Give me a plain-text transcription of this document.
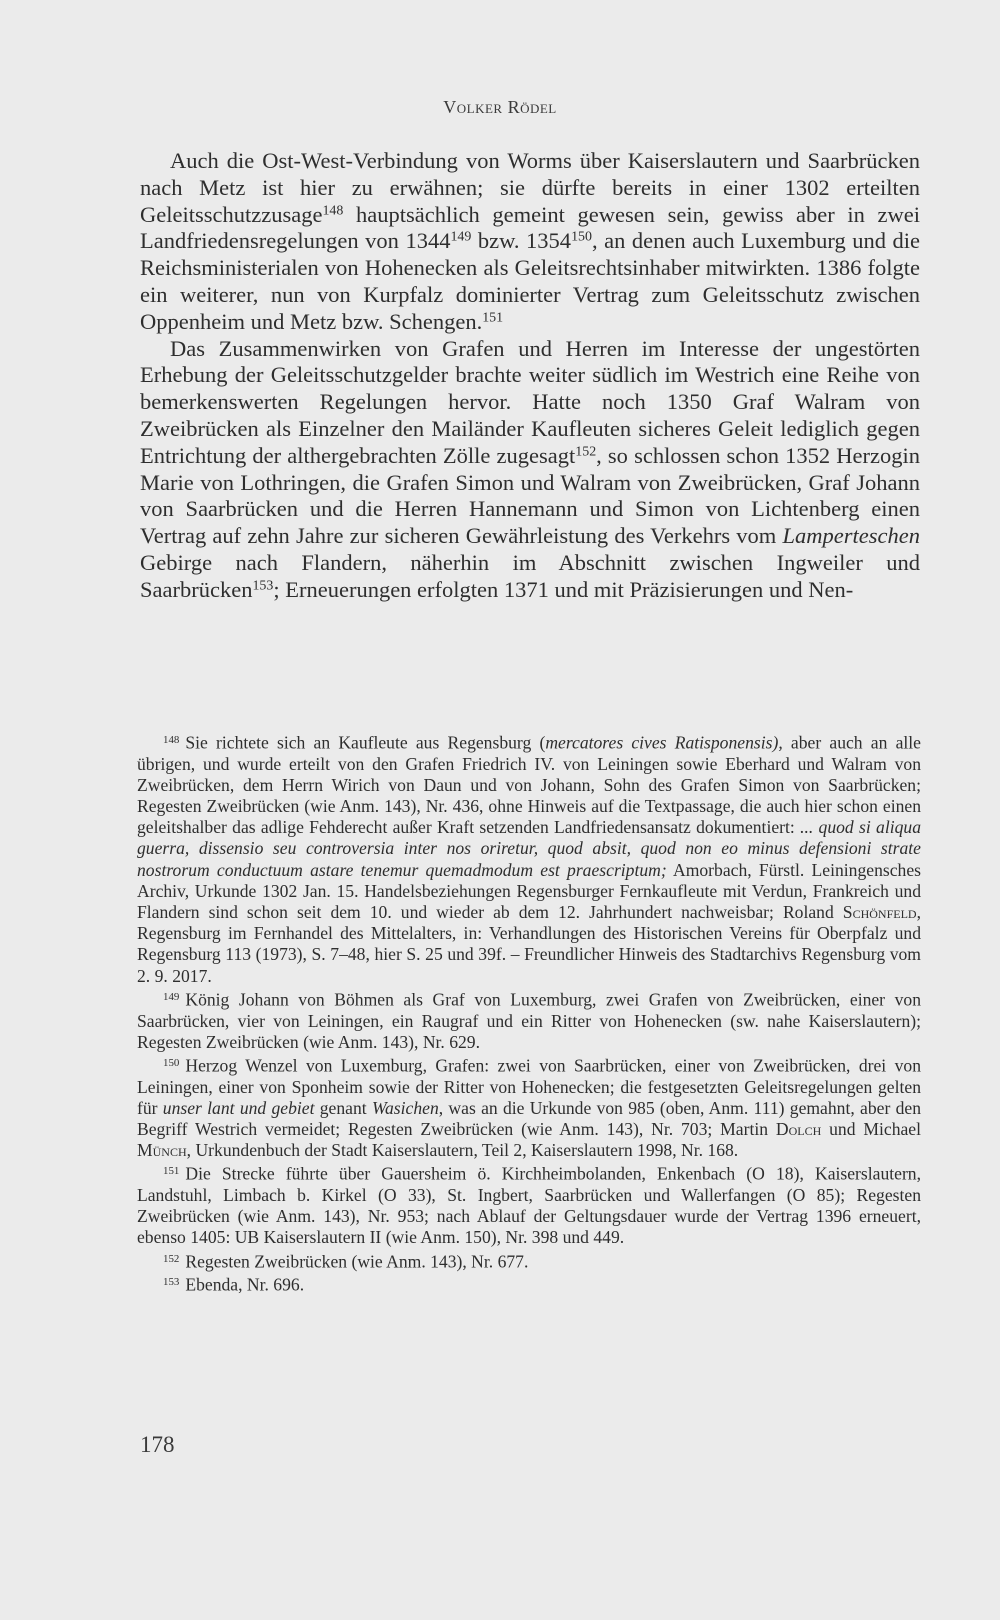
Volker Rödel

Auch die Ost-West-Verbindung von Worms über Kaiserslautern und Saarbrücken nach Metz ist hier zu erwähnen; sie dürfte bereits in einer 1302 erteilten Geleitsschutzzusage$^{148}$ hauptsächlich gemeint gewesen sein, gewiss aber in zwei Landfriedensregelungen von 1344$^{149}$ bzw. 1354$^{150}$, an denen auch Luxemburg und die Reichsministerialen von Hohenecken als Geleitsrechtsinhaber mitwirkten. 1386 folgte ein weiterer, nun von Kurpfalz dominierter Vertrag zum Geleitsschutz zwischen Oppenheim und Metz bzw. Schengen.$^{151}$

Das Zusammenwirken von Grafen und Herren im Interesse der ungestörten Erhebung der Geleitsschutzgelder brachte weiter südlich im Westrich eine Reihe von bemerkenswerten Regelungen hervor. Hatte noch 1350 Graf Walram von Zweibrücken als Einzelner den Mailänder Kaufleuten sicheres Geleit lediglich gegen Entrichtung der althergebrachten Zölle zugesagt$^{152}$, so schlossen schon 1352 Herzogin Marie von Lothringen, die Grafen Simon und Walram von Zweibrücken, Graf Johann von Saarbrücken und die Herren Hannemann und Simon von Lichtenberg einen Vertrag auf zehn Jahre zur sicheren Gewährleistung des Verkehrs vom Lamperteschen Gebirge nach Flandern, näherhin im Abschnitt zwischen Ingweiler und Saarbrücken$^{153}$; Erneuerungen erfolgten 1371 und mit Präzisierungen und Nen-

$^{148}$ Sie richtete sich an Kaufleute aus Regensburg (mercatores cives Ratisponensis), aber auch an alle übrigen, und wurde erteilt von den Grafen Friedrich IV. von Leiningen sowie Eberhard und Walram von Zweibrücken, dem Herrn Wirich von Daun und von Johann, Sohn des Grafen Simon von Saarbrücken; Regesten Zweibrücken (wie Anm. 143), Nr. 436, ohne Hinweis auf die Textpassage, die auch hier schon einen geleitshalber das adlige Fehderecht außer Kraft setzenden Landfriedensansatz dokumentiert: ... quod si aliqua guerra, dissensio seu controversia inter nos oriretur, quod absit, quod non eo minus defensioni strate nostrorum conductuum astare tenemur quemadmodum est praescriptum; Amorbach, Fürstl. Leiningensches Archiv, Urkunde 1302 Jan. 15. Handelsbeziehungen Regensburger Fernkaufleute mit Verdun, Frankreich und Flandern sind schon seit dem 10. und wieder ab dem 12. Jahrhundert nachweisbar; Roland Schönfeld, Regensburg im Fernhandel des Mittelalters, in: Verhandlungen des Historischen Vereins für Oberpfalz und Regensburg 113 (1973), S. 7–48, hier S. 25 und 39f. – Freundlicher Hinweis des Stadtarchivs Regensburg vom 2. 9. 2017.

$^{149}$ König Johann von Böhmen als Graf von Luxemburg, zwei Grafen von Zweibrücken, einer von Saarbrücken, vier von Leiningen, ein Raugraf und ein Ritter von Hohenecken (sw. nahe Kaiserslautern); Regesten Zweibrücken (wie Anm. 143), Nr. 629.

$^{150}$ Herzog Wenzel von Luxemburg, Grafen: zwei von Saarbrücken, einer von Zweibrücken, drei von Leiningen, einer von Sponheim sowie der Ritter von Hohenecken; die festgesetzten Geleitsregelungen gelten für unser lant und gebiet genant Wasichen, was an die Urkunde von 985 (oben, Anm. 111) gemahnt, aber den Begriff Westrich vermeidet; Regesten Zweibrücken (wie Anm. 143), Nr. 703; Martin Dolch und Michael Münch, Urkundenbuch der Stadt Kaiserslautern, Teil 2, Kaiserslautern 1998, Nr. 168.

$^{151}$ Die Strecke führte über Gauersheim ö. Kirchheimbolanden, Enkenbach (O 18), Kaiserslautern, Landstuhl, Limbach b. Kirkel (O 33), St. Ingbert, Saarbrücken und Wallerfangen (O 85); Regesten Zweibrücken (wie Anm. 143), Nr. 953; nach Ablauf der Geltungsdauer wurde der Vertrag 1396 erneuert, ebenso 1405: UB Kaiserslautern II (wie Anm. 150), Nr. 398 und 449.

$^{152}$ Regesten Zweibrücken (wie Anm. 143), Nr. 677.

$^{153}$ Ebenda, Nr. 696.

178
